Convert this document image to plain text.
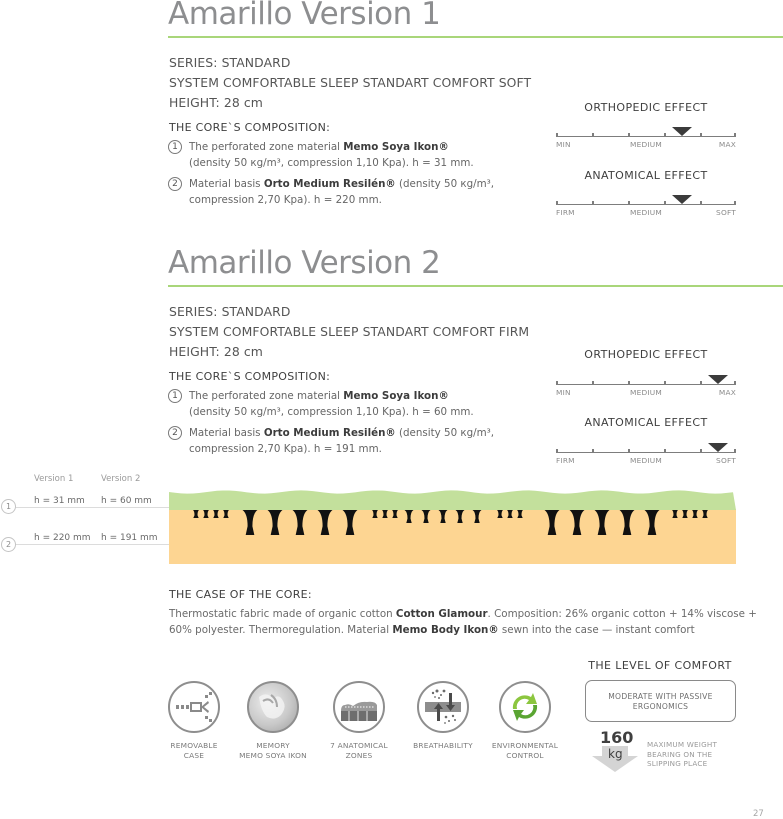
Amarillo Version 1
SERIES: STANDARD
SYSTEM COMFORTABLE SLEEP STANDART COMFORT SOFT
HEIGHT: 28 cm
THE CORE`S COMPOSITION:
1	The perforated zone material Memo Soya Ikon®
(density 50 кg/m³, compression 1,10 Kpa). h = 31 mm.
2	Material basis Orto Medium Resilén® (density 50 кg/m³,
compression 2,70 Kpa). h = 220 mm.
ORTHOPEDIC EFFECT
MIN	MEDIUM	MAX
ANATOMICAL EFFECT
FIRM	MEDIUM	SOFT
Amarillo Version 2
SERIES: STANDARD
SYSTEM COMFORTABLE SLEEP STANDART COMFORT FIRM
HEIGHT: 28 cm
THE CORE`S COMPOSITION:
1	The perforated zone material Memo Soya Ikon®
(density 50 кg/m³, compression 1,10 Kpa). h = 60 mm.
2	Material basis Orto Medium Resilén® (density 50 кg/m³,
compression 2,70 Kpa). h = 191 mm.
ORTHOPEDIC EFFECT
MIN	MEDIUM	MAX
ANATOMICAL EFFECT
FIRM	MEDIUM	SOFT
Version 1	Version 2
1
h = 31 mm h = 60 mm
2
h = 220 mm h = 191 mm
THE CASE OF THE CORE:
Thermostatic fabric made of organic cotton Cotton Glamour. Composition: 26% organic cotton + 14% viscose +
60% polyester. Thermoregulation. Material Memo Body Ikon® sewn into the case — instant comfort
REMOVABLE
CASE
MEMORY
MEMO SOYA IKON
7 ANATOMICAL
ZONES
BREATHABILITY	ENVIRONMENTAL
CONTROL
THE LEVEL OF COMFORT
MODERATE WITH PASSIVE
ERGONOMICS
160
kg
MAXIMUM WEIGHT
BEARING ON THE
SLIPPING PLACE
27
